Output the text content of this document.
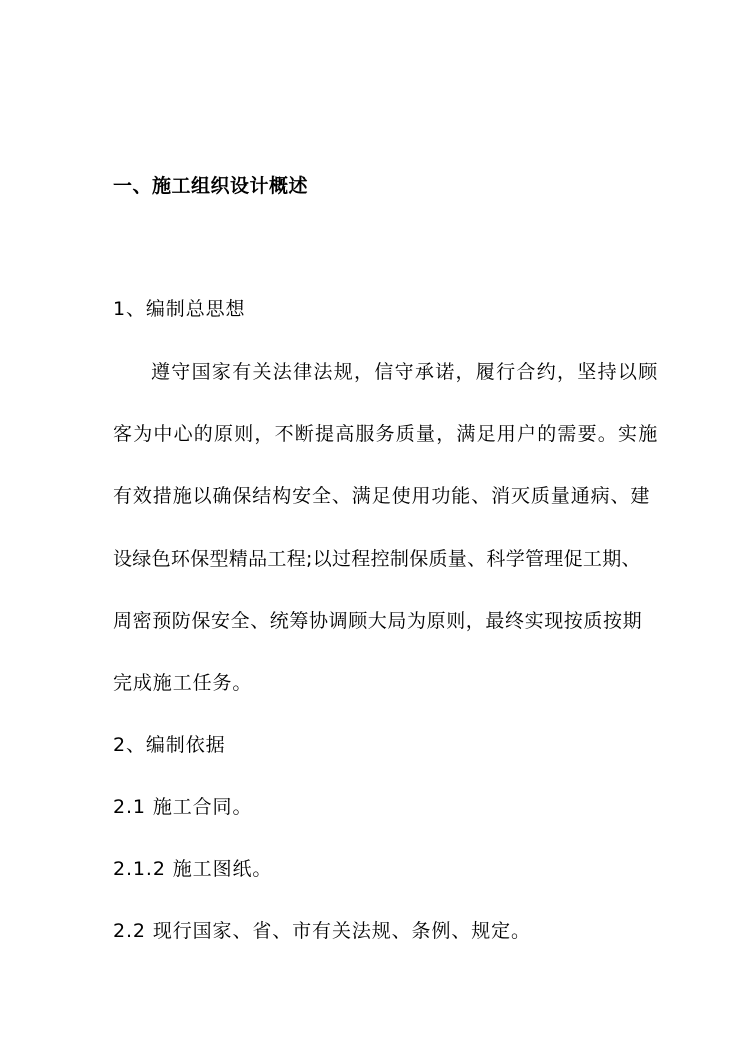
一、施工组织设计概述
1、编制总思想
遵守国家有关法律法规，信守承诺，履行合约，坚持以顾
客为中心的原则，不断提高服务质量，满足用户的需要。实施
有效措施以确保结构安全、满足使用功能、消灭质量通病、建
设绿色环保型精品工程;以过程控制保质量、科学管理促工期、
周密预防保安全、统筹协调顾大局为原则，最终实现按质按期
完成施工任务。
2、编制依据
2.1 施工合同。
2.1.2 施工图纸。
2.2 现行国家、省、市有关法规、条例、规定。
